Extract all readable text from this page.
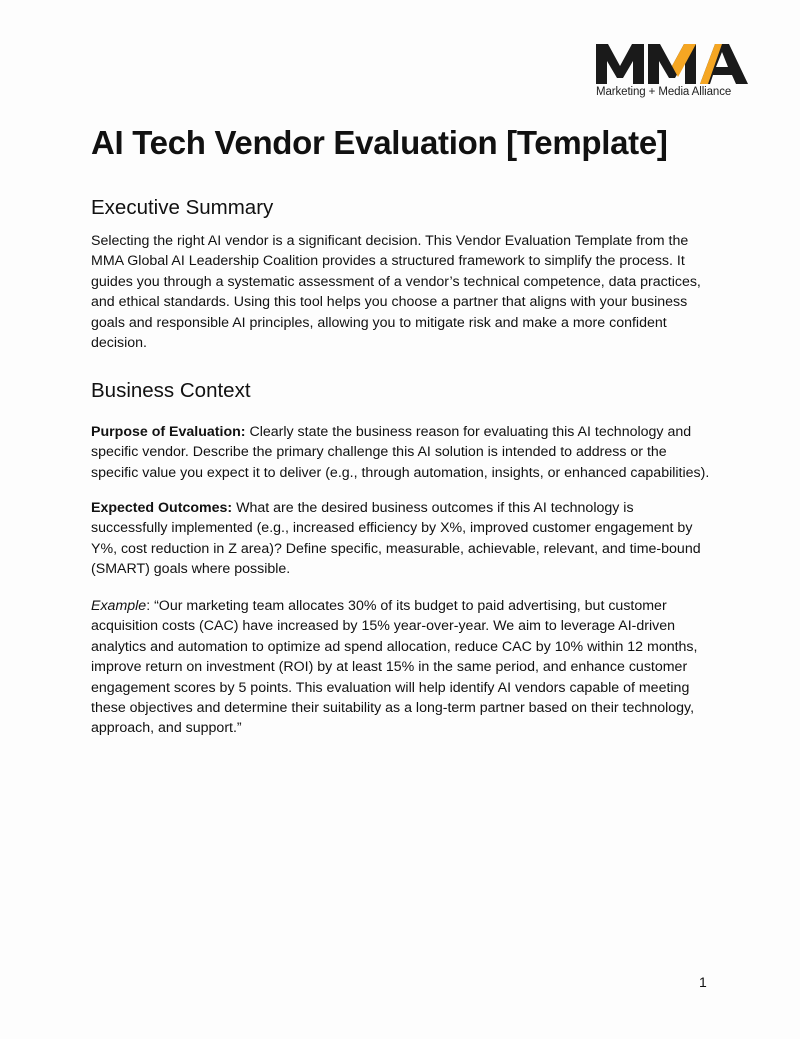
Marketing + Media Alliance
AI Tech Vendor Evaluation [Template]
Executive Summary

Selecting the right AI vendor is a significant decision. This Vendor Evaluation Template from the MMA Global AI Leadership Coalition provides a structured framework to simplify the process. It guides you through a systematic assessment of a vendor’s technical competence, data practices, and ethical standards. Using this tool helps you choose a partner that aligns with your business goals and responsible AI principles, allowing you to mitigate risk and make a more confident decision.

Business Context

Purpose of Evaluation: Clearly state the business reason for evaluating this AI technology and specific vendor. Describe the primary challenge this AI solution is intended to address or the specific value you expect it to deliver (e.g., through automation, insights, or enhanced capabilities).

Expected Outcomes: What are the desired business outcomes if this AI technology is successfully implemented (e.g., increased efficiency by X%, improved customer engagement by Y%, cost reduction in Z area)? Define specific, measurable, achievable, relevant, and time-bound (SMART) goals where possible.

Example: “Our marketing team allocates 30% of its budget to paid advertising, but customer acquisition costs (CAC) have increased by 15% year-over-year. We aim to leverage AI-driven analytics and automation to optimize ad spend allocation, reduce CAC by 10% within 12 months, improve return on investment (ROI) by at least 15% in the same period, and enhance customer engagement scores by 5 points. This evaluation will help identify AI vendors capable of meeting these objectives and determine their suitability as a long-term partner based on their technology, approach, and support.”

1
